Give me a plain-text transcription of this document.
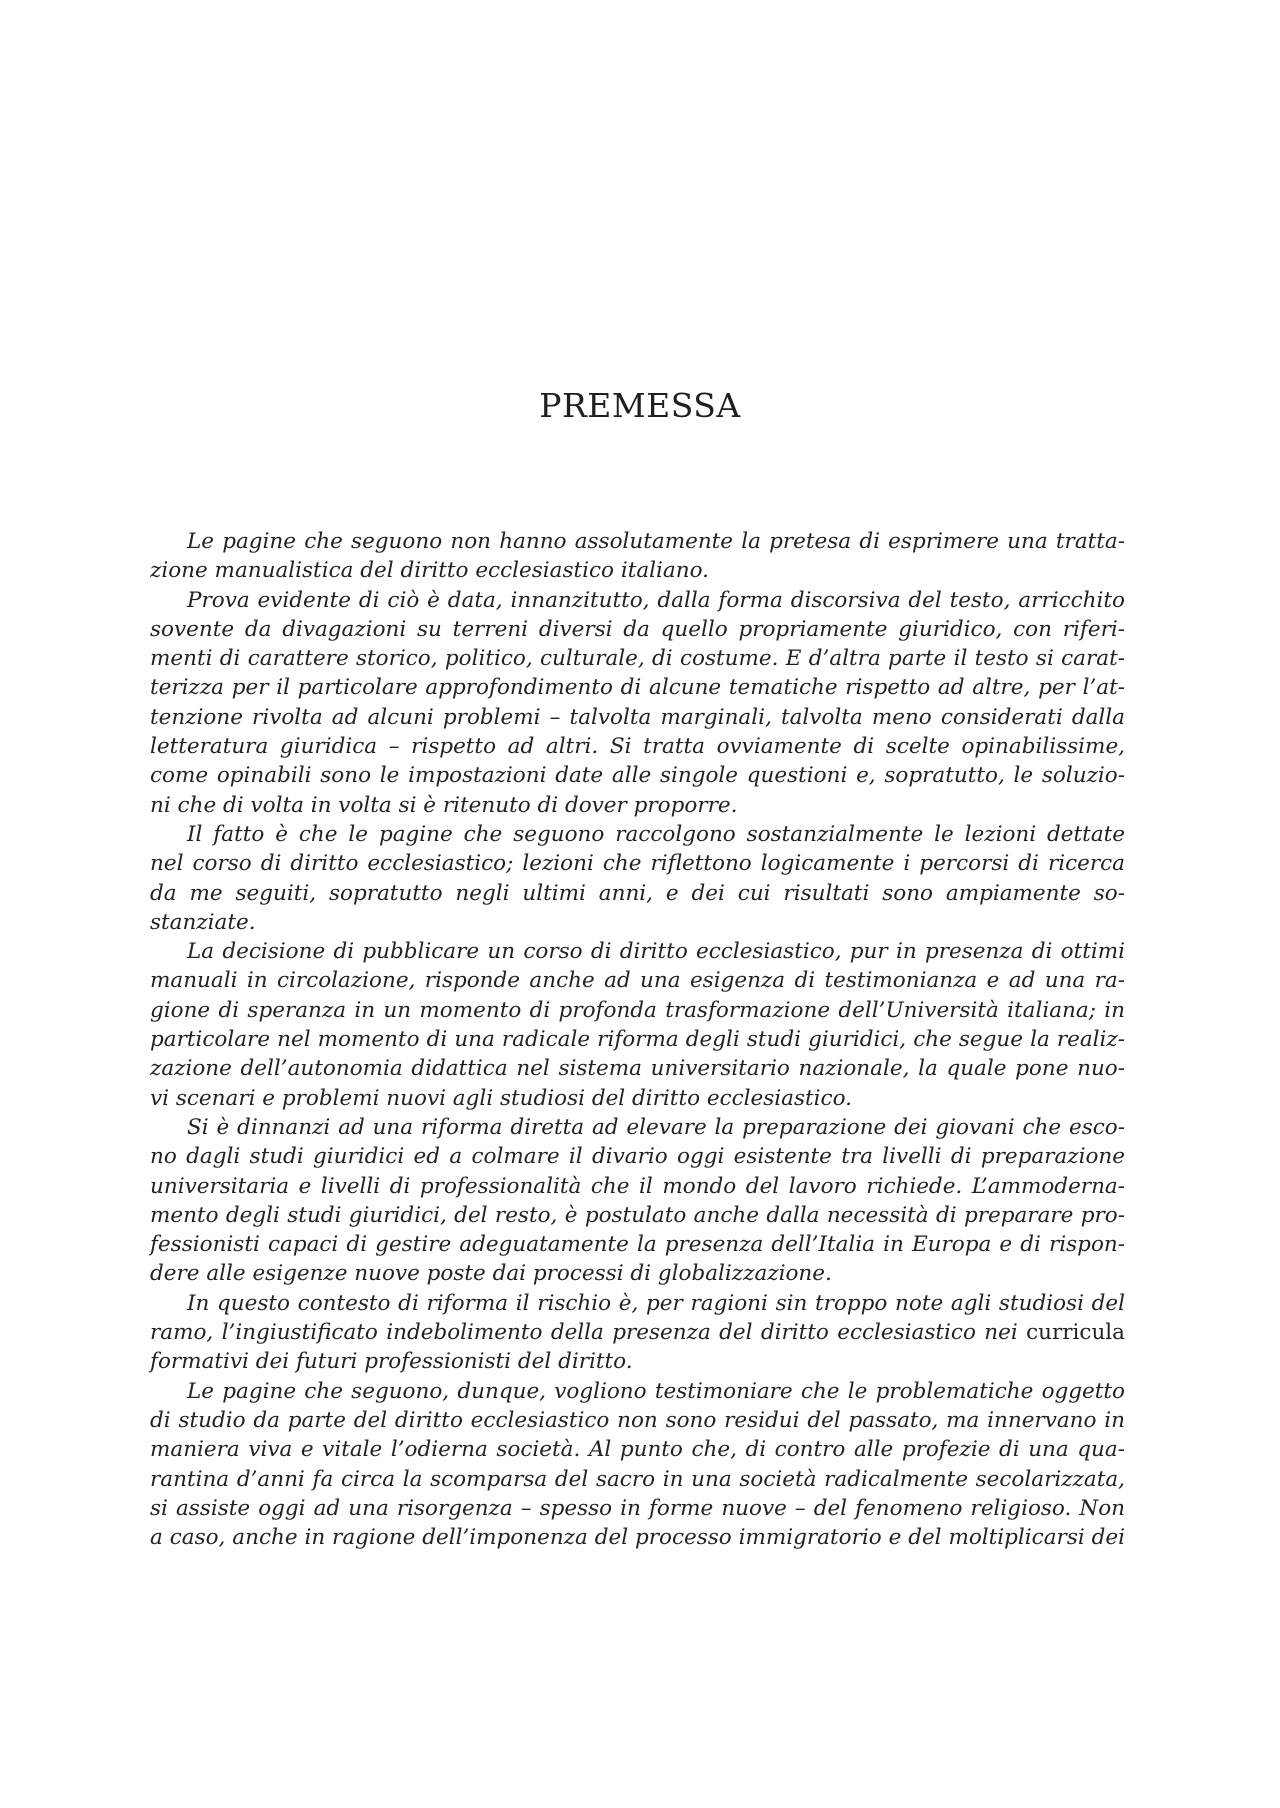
PREMESSA
Le pagine che seguono non hanno assolutamente la pretesa di esprimere una tratta-
zione manualistica del diritto ecclesiastico italiano.
Prova evidente di ciò è data, innanzitutto, dalla forma discorsiva del testo, arricchito
sovente da divagazioni su terreni diversi da quello propriamente giuridico, con riferi-
menti di carattere storico, politico, culturale, di costume. E d’altra parte il testo si carat-
terizza per il particolare approfondimento di alcune tematiche rispetto ad altre, per l’at-
tenzione rivolta ad alcuni problemi – talvolta marginali, talvolta meno considerati dalla
letteratura giuridica – rispetto ad altri. Si tratta ovviamente di scelte opinabilissime,
come opinabili sono le impostazioni date alle singole questioni e, sopratutto, le soluzio-
ni che di volta in volta si è ritenuto di dover proporre.
Il fatto è che le pagine che seguono raccolgono sostanzialmente le lezioni dettate
nel corso di diritto ecclesiastico; lezioni che riflettono logicamente i percorsi di ricerca
da me seguiti, sopratutto negli ultimi anni, e dei cui risultati sono ampiamente so-
stanziate.
La decisione di pubblicare un corso di diritto ecclesiastico, pur in presenza di ottimi
manuali in circolazione, risponde anche ad una esigenza di testimonianza e ad una ra-
gione di speranza in un momento di profonda trasformazione dell’Università italiana; in
particolare nel momento di una radicale riforma degli studi giuridici, che segue la realiz-
zazione dell’autonomia didattica nel sistema universitario nazionale, la quale pone nuo-
vi scenari e problemi nuovi agli studiosi del diritto ecclesiastico.
Si è dinnanzi ad una riforma diretta ad elevare la preparazione dei giovani che esco-
no dagli studi giuridici ed a colmare il divario oggi esistente tra livelli di preparazione
universitaria e livelli di professionalità che il mondo del lavoro richiede. L’ammoderna-
mento degli studi giuridici, del resto, è postulato anche dalla necessità di preparare pro-
fessionisti capaci di gestire adeguatamente la presenza dell’Italia in Europa e di rispon-
dere alle esigenze nuove poste dai processi di globalizzazione.
In questo contesto di riforma il rischio è, per ragioni sin troppo note agli studiosi del
ramo, l’ingiustificato indebolimento della presenza del diritto ecclesiastico nei curricula
formativi dei futuri professionisti del diritto.
Le pagine che seguono, dunque, vogliono testimoniare che le problematiche oggetto
di studio da parte del diritto ecclesiastico non sono residui del passato, ma innervano in
maniera viva e vitale l’odierna società. Al punto che, di contro alle profezie di una qua-
rantina d’anni fa circa la scomparsa del sacro in una società radicalmente secolarizzata,
si assiste oggi ad una risorgenza – spesso in forme nuove – del fenomeno religioso. Non
a caso, anche in ragione dell’imponenza del processo immigratorio e del moltiplicarsi dei
